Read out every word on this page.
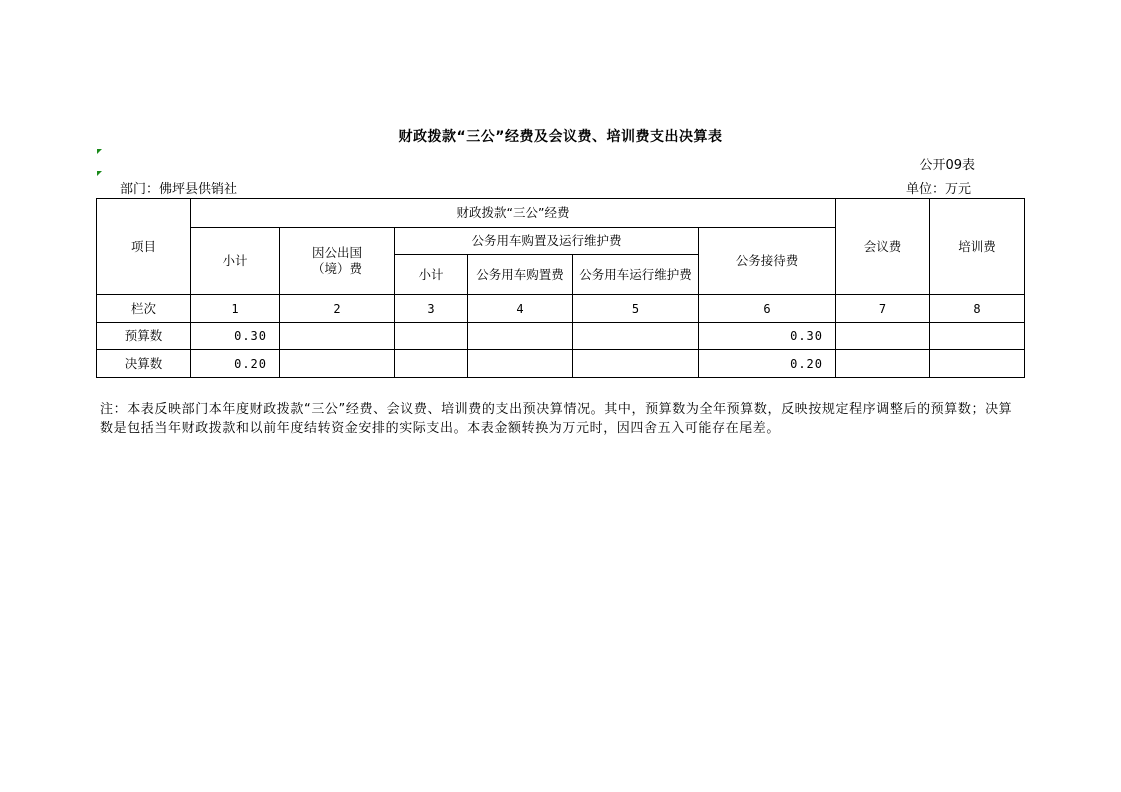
财政拨款“三公”经费及会议费、培训费支出决算表
公开09表
部门：佛坪县供销社	单位：万元
项目	财政拨款“三公”经费						会议费	培训费
	小计	因公出国（境）费	公务用车购置及运行维护费			公务接待费		
			小计	公务用车购置费	公务用车运行维护费			
栏次	1	2	3	4	5	6	7	8
预算数	0.30					0.30		
决算数	0.20					0.20		
注：本表反映部门本年度财政拨款“三公”经费、会议费、培训费的支出预决算情况。其中，预算数为全年预算数，反映按规定程序调整后的预算数；决算数是包括当年财政拨款和以前年度结转资金安排的实际支出。本表金额转换为万元时，因四舍五入可能存在尾差。
